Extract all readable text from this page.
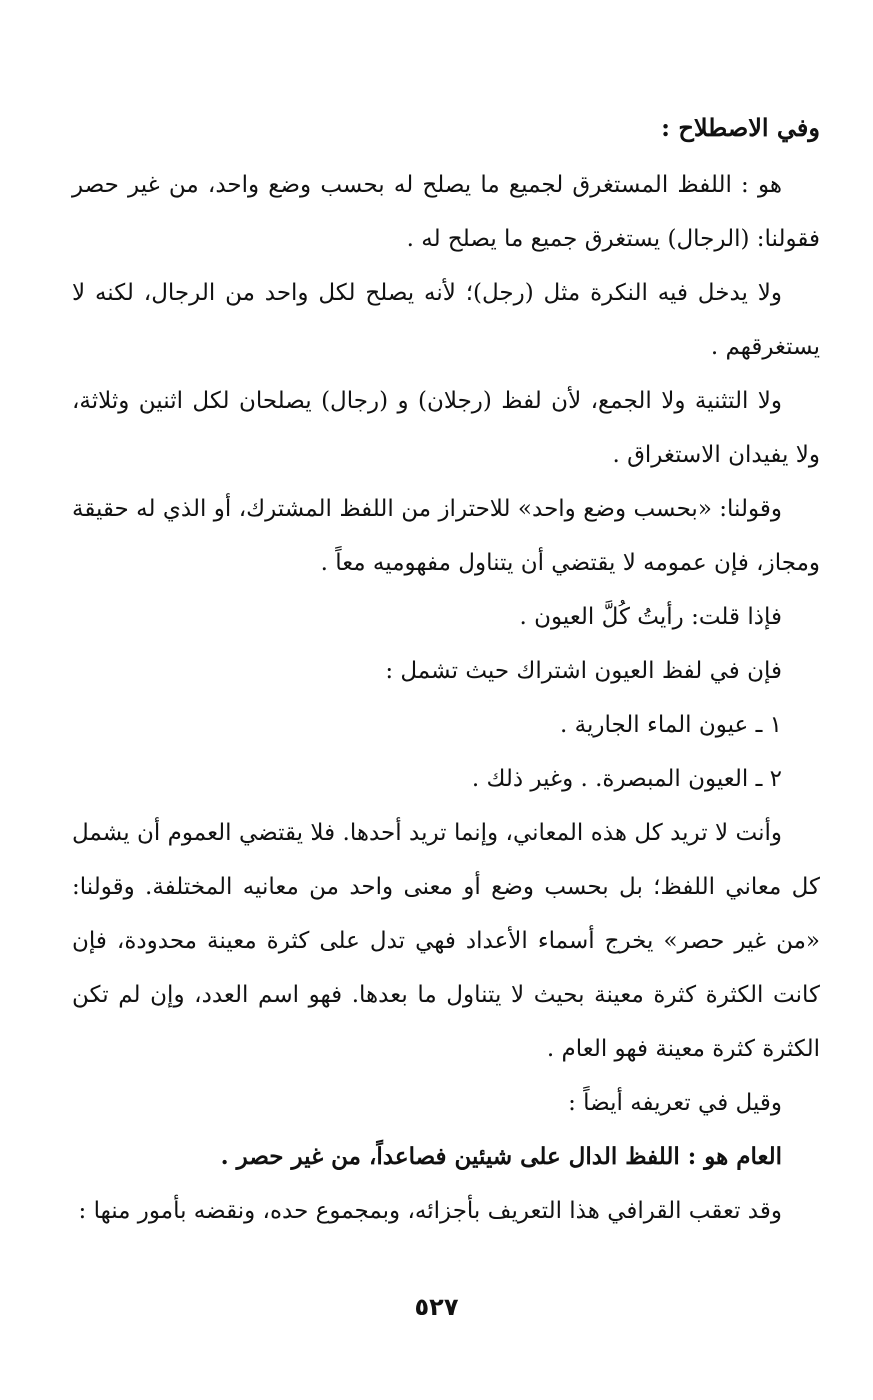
وفي الاصطلاح :

هو : اللفظ المستغرق لجميع ما يصلح له بحسب وضع واحد، من غير حصر فقولنا: (الرجال) يستغرق جميع ما يصلح له .

ولا يدخل فيه النكرة مثل (رجل)؛ لأنه يصلح لكل واحد من الرجال، لكنه لا يستغرقهم .

ولا التثنية ولا الجمع، لأن لفظ (رجلان) و (رجال) يصلحان لكل اثنين وثلاثة، ولا يفيدان الاستغراق .

وقولنا: «بحسب وضع واحد» للاحتراز من اللفظ المشترك، أو الذي له حقيقة ومجاز، فإن عمومه لا يقتضي أن يتناول مفهوميه معاً .

فإذا قلت: رأيتُ كُلَّ العيون .

فإن في لفظ العيون اشتراك حيث تشمل :

١ ـ عيون الماء الجارية .

٢ ـ العيون المبصرة. . وغير ذلك .

وأنت لا تريد كل هذه المعاني، وإنما تريد أحدها. فلا يقتضي العموم أن يشمل كل معاني اللفظ؛ بل بحسب وضع أو معنى واحد من معانيه المختلفة. وقولنا: «من غير حصر» يخرج أسماء الأعداد فهي تدل على كثرة معينة محدودة، فإن كانت الكثرة كثرة معينة بحيث لا يتناول ما بعدها. فهو اسم العدد، وإن لم تكن الكثرة كثرة معينة فهو العام .

وقيل في تعريفه أيضاً :

العام هو : اللفظ الدال على شيئين فصاعداً، من غير حصر .

وقد تعقب القرافي هذا التعريف بأجزائه، وبمجموع حده، ونقضه بأمور منها :

٥٢٧
